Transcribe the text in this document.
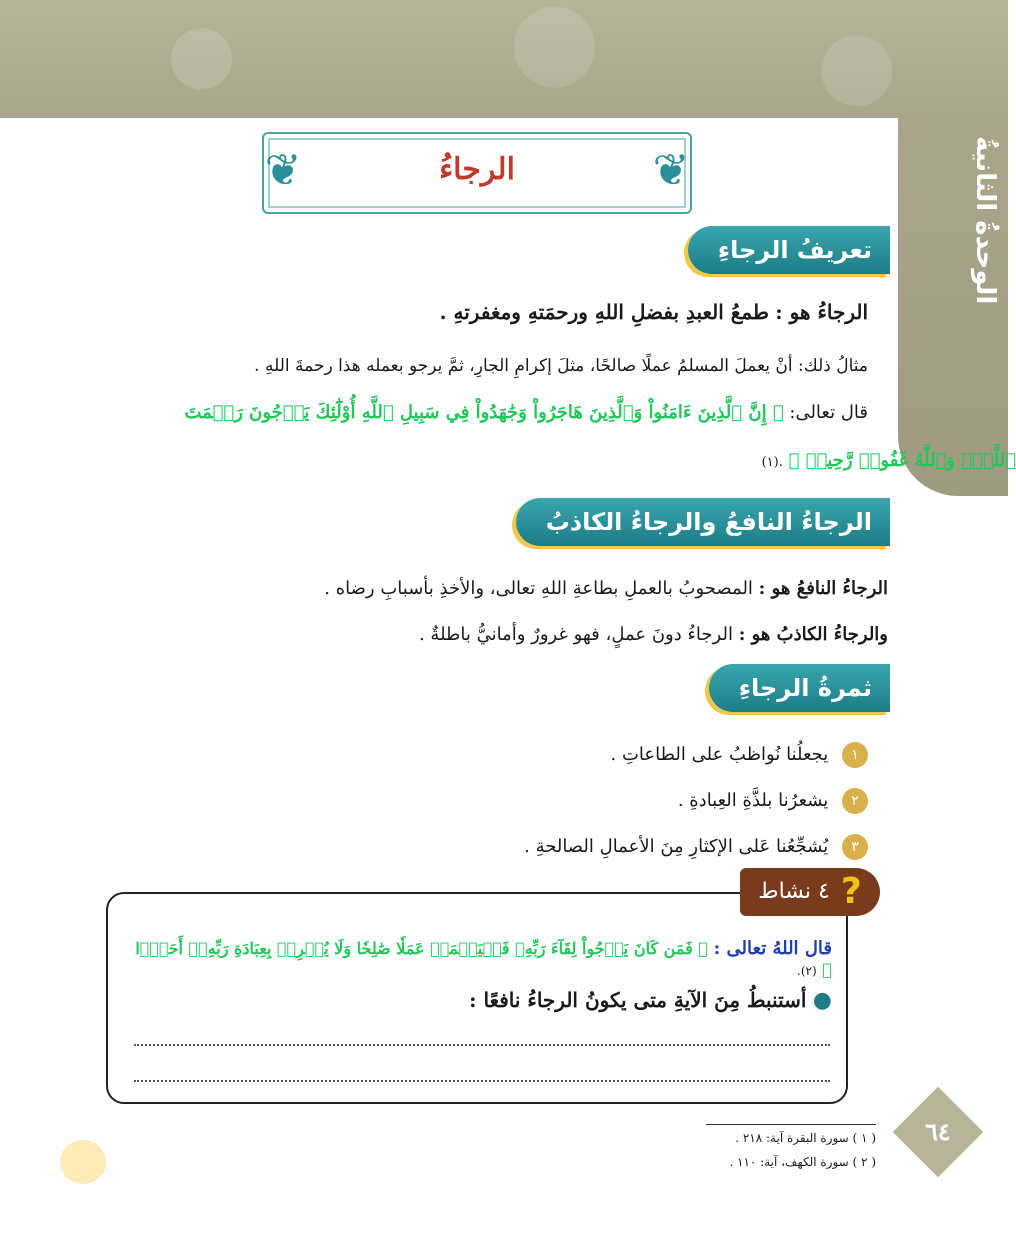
الوحدةُ الثانيةُ
❦	❦
الرجاءُ
تعريفُ الرجاءِ
الرجاءُ هو : طمعُ العبدِ بفضلِ اللهِ ورحمَتهِ ومغفرتهِ .
مثالُ ذلك: أنْ يعملَ المسلمُ عملًا صالحًا، مثلَ إكرامِ الجارِ، ثمَّ يرجو بعمله هذا رحمةَ اللهِ .
قال تعالى: ﴿ إِنَّ ٱلَّذِينَ ءَامَنُواْ وَٱلَّذِينَ هَاجَرُواْ وَجَٰهَدُواْ فِي سَبِيلِ ٱللَّهِ أُوْلَٰٓئِكَ يَرۡجُونَ رَحۡمَتَ
ٱللَّهِۚ وَٱللَّهُ غَفُورٞ رَّحِيمٞ ﴾ .(١)
الرجاءُ النافعُ والرجاءُ الكاذبُ
الرجاءُ النافعُ هو : المصحوبُ بالعملِ بطاعةِ اللهِ تعالى، والأخذِ بأسبابِ رضاه .
والرجاءُ الكاذبُ هو : الرجاءُ دونَ عملٍ، فهو غرورٌ وأمانيُّ باطلةٌ .
ثمرةُ الرجاءِ
١ يجعلُنا نُواظبُ على الطاعاتِ .
٢ يشعرُنا بلذَّةِ العِبادةِ .
٣ يُشجِّعُنا عَلى الإكثارِ مِنَ الأعمالِ الصالحةِ .
٤ نشاط ?
قال اللهُ تعالى : ﴿ فَمَن كَانَ يَرۡجُواْ لِقَآءَ رَبِّهِۦ فَلۡيَعۡمَلۡ عَمَلٗا صَٰلِحٗا وَلَا يُشۡرِكۡ بِعِبَادَةِ رَبِّهِۦٓ أَحَدَۢا ﴾ (٢).
● أستنبطُ مِنَ الآيةِ متى يكونُ الرجاءُ نافعًا :
٦٤
( ١ ) سورة البقرة آية: ٢١٨ .
( ٢ ) سورة الكهف، آية: ١١٠ .
